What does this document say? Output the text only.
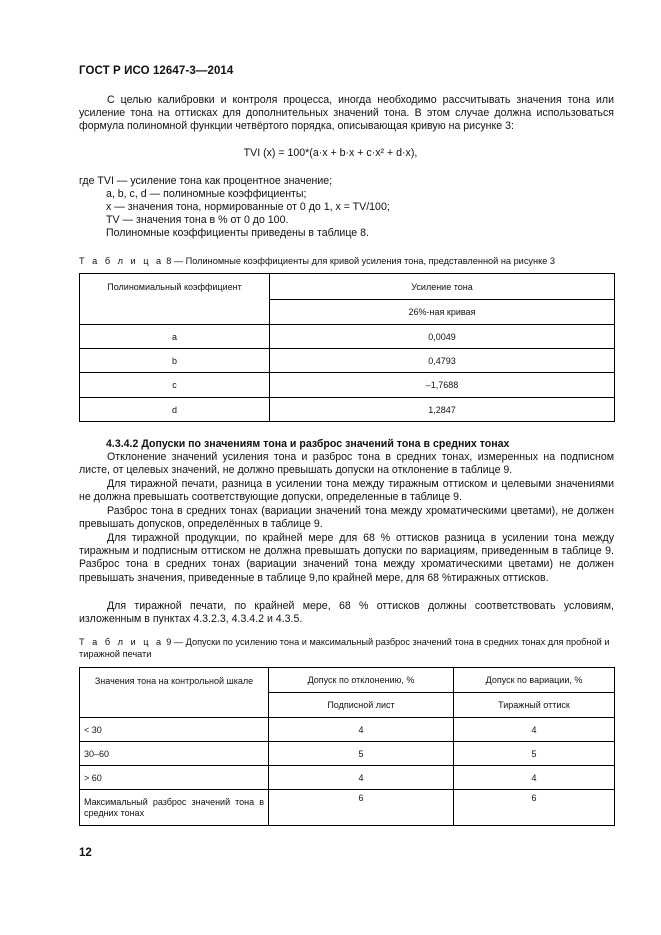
ГОСТ Р ИСО 12647-3—2014
С целью калибровки и контроля процесса, иногда необходимо рассчитывать значения тона или усиление тона на оттисках для дополнительных значений тона. В этом случае должна использоваться формула полиномной функции четвёртого порядка, описывающая кривую на рисунке 3:
TVI (x) = 100*(a·x + b·x + c·x² + d·x),
где TVI — усиление тона как процентное значение;
a, b, c, d — полиномные коэффициенты;
x — значения тона, нормированные от 0 до 1, x = TV/100;
TV — значения тона в % от 0 до 100.
Полиномные коэффициенты приведены в таблице 8.
Т а б л и ц а 8 — Полиномные коэффициенты для кривой усиления тона, представленной на рисунке 3
Полиномиальный коэффициент	Усиление тона
	26%-ная кривая
a	0,0049
b	0,4793
c	–1,7688
d	1,2847
4.3.4.2 Допуски по значениям тона и разброс значений тона в средних тонах
Отклонение значений усиления тона и разброс тона в средних тонах, измеренных на подписном листе, от целевых значений, не должно превышать допуски на отклонение в таблице 9.
Для тиражной печати, разница в усилении тона между тиражным оттиском и целевыми значениями не должна превышать соответствующие допуски, определенные в таблице 9.
Разброс тона в средних тонах (вариации значений тона между хроматическими цветами), не должен превышать допусков, определённых в таблице 9.
Для тиражной продукции, по крайней мере для 68 % оттисков разница в усилении тона между тиражным и подписным оттиском не должна превышать допуски по вариациям, приведенным в таблице 9. Разброс тона в средних тонах (вариации значений тона между хроматическими цветами) не должен превышать значения, приведенные в таблице 9,по крайней мере, для 68 %тиражных оттисков.
Для тиражной печати, по крайней мере, 68 % оттисков должны соответствовать условиям, изложенным в пунктах 4.3.2.3, 4.3.4.2 и 4.3.5.
Т а б л и ц а 9 — Допуски по усилению тона и максимальный разброс значений тона в средних тонах для пробной и тиражной печати
Значения тона на контрольной шкале	Допуск по отклонению, %	Допуск по вариации, %
	Подписной лист	Тиражный оттиск
< 30	4	4
30–60	5	5
> 60	4	4
Максимальный разброс значений тона в средних тонах	6	6
12
